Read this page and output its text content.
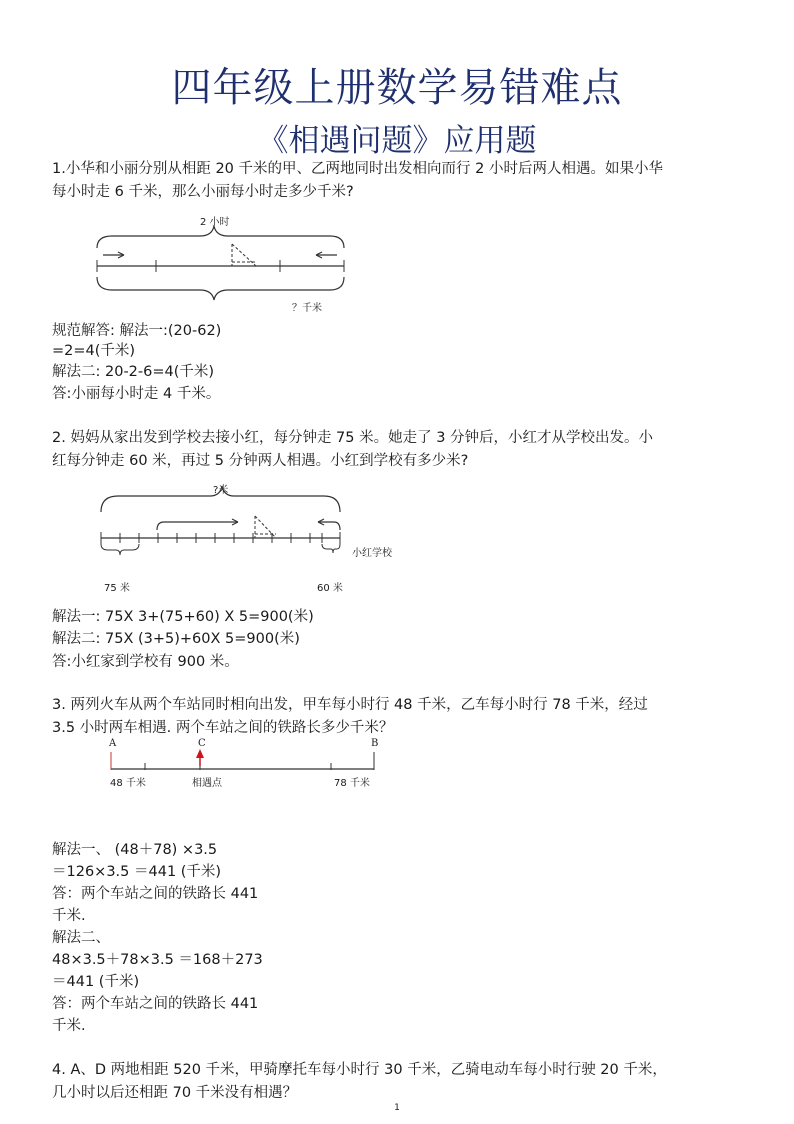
四年级上册数学易错难点
《相遇问题》应用题
1.小华和小丽分别从相距 20 千米的甲、乙两地同时出发相向而行 2 小时后两人相遇。如果小华
每小时走 6 千米，那么小丽每小时走多少千米?
2 小时
？千米
规范解答: 解法一:(20-62)
=2=4(千米)
解法二: 20-2-6=4(千米)
答:小丽每小时走 4 千米。
2. 妈妈从家出发到学校去接小红，每分钟走 75 米。她走了 3 分钟后，小红才从学校出发。小
红每分钟走 60 米，再过 5 分钟两人相遇。小红到学校有多少米?
?米
小红学校
75 米	60 米
解法一: 75X 3+(75+60) X 5=900(米)
解法二: 75X (3+5)+60X 5=900(米)
答:小红家到学校有 900 米。
3. 两列火车从两个车站同时相向出发，甲车每小时行 48 千米，乙车每小时行 78 千米，经过
3.5 小时两车相遇. 两个车站之间的铁路长多少千米？
A	C	B
48 千米	相遇点	78 千米
解法一、 (48＋78) ×3.5
＝126×3.5 ＝441 (千米)
答：两个车站之间的铁路长 441
千米.
解法二、
48×3.5＋78×3.5 ＝168＋273
＝441 (千米)
答：两个车站之间的铁路长 441
千米.
4. A、D 两地相距 520 千米，甲骑摩托车每小时行 30 千米，乙骑电动车每小时行驶 20 千米，
几小时以后还相距 70 千米没有相遇？
1
